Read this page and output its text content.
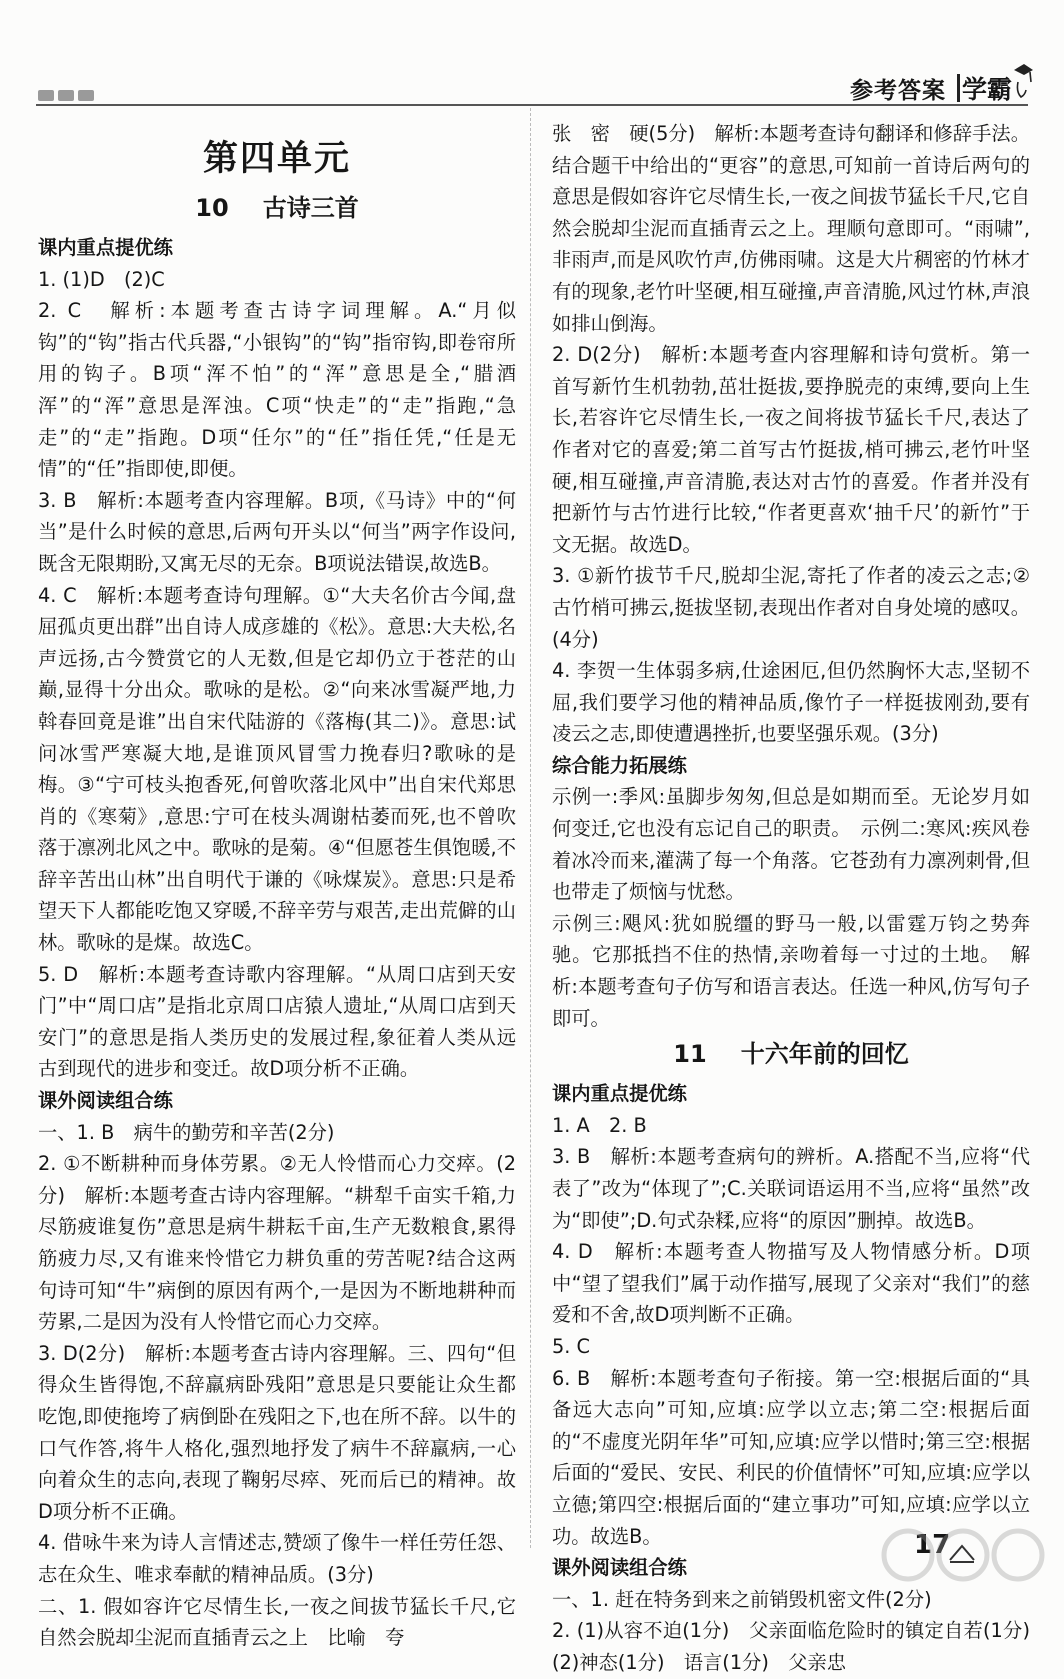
参考答案 学霸
第四单元
10 古诗三首
课内重点提优练

1. (1)D　(2)C

2. C　解析:本题考查古诗字词理解。A.“月似钩”的“钩”指古代兵器,“小银钩”的“钩”指帘钩,即卷帘所用的钩子。B项“浑不怕”的“浑”意思是全,“腊酒浑”的“浑”意思是浑浊。C项“快走”的“走”指跑,“急走”的“走”指跑。D项“任尔”的“任”指任凭,“任是无情”的“任”指即使,即便。

3. B　解析:本题考查内容理解。B项,《马诗》中的“何当”是什么时候的意思,后两句开头以“何当”两字作设问,既含无限期盼,又寓无尽的无奈。B项说法错误,故选B。

4. C　解析:本题考查诗句理解。①“大夫名价古今闻,盘屈孤贞更出群”出自诗人成彦雄的《松》。意思:大夫松,名声远扬,古今赞赏它的人无数,但是它却仍立于苍茫的山巅,显得十分出众。歌咏的是松。②“向来冰雪凝严地,力斡春回竟是谁”出自宋代陆游的《落梅(其二)》。意思:试问冰雪严寒凝大地,是谁顶风冒雪力挽春归?歌咏的是梅。③“宁可枝头抱香死,何曾吹落北风中”出自宋代郑思肖的《寒菊》,意思:宁可在枝头凋谢枯萎而死,也不曾吹落于凛冽北风之中。歌咏的是菊。④“但愿苍生俱饱暖,不辞辛苦出山林”出自明代于谦的《咏煤炭》。意思:只是希望天下人都能吃饱又穿暖,不辞辛劳与艰苦,走出荒僻的山林。歌咏的是煤。故选C。

5. D　解析:本题考查诗歌内容理解。“从周口店到天安门”中“周口店”是指北京周口店猿人遗址,“从周口店到天安门”的意思是指人类历史的发展过程,象征着人类从远古到现代的进步和变迁。故D项分析不正确。

课外阅读组合练

一、1. B　病牛的勤劳和辛苦(2分)

2. ①不断耕种而身体劳累。②无人怜惜而心力交瘁。(2分)　解析:本题考查古诗内容理解。“耕犁千亩实千箱,力尽筋疲谁复伤”意思是病牛耕耘千亩,生产无数粮食,累得筋疲力尽,又有谁来怜惜它力耕负重的劳苦呢?结合这两句诗可知“牛”病倒的原因有两个,一是因为不断地耕种而劳累,二是因为没有人怜惜它而心力交瘁。

3. D(2分)　解析:本题考查古诗内容理解。三、四句“但得众生皆得饱,不辞羸病卧残阳”意思是只要能让众生都吃饱,即使拖垮了病倒卧在残阳之下,也在所不辞。以牛的口气作答,将牛人格化,强烈地抒发了病牛不辞羸病,一心向着众生的志向,表现了鞠躬尽瘁、死而后已的精神。故D项分析不正确。

4. 借咏牛来为诗人言情述志,赞颂了像牛一样任劳任怨、志在众生、唯求奉献的精神品质。(3分)

二、1. 假如容许它尽情生长,一夜之间拔节猛长千尺,它自然会脱却尘泥而直插青云之上　比喻　夸

张　密　硬(5分)　解析:本题考查诗句翻译和修辞手法。结合题干中给出的“更容”的意思,可知前一首诗后两句的意思是假如容许它尽情生长,一夜之间拔节猛长千尺,它自然会脱却尘泥而直插青云之上。理顺句意即可。“雨啸”,非雨声,而是风吹竹声,仿佛雨啸。这是大片稠密的竹林才有的现象,老竹叶坚硬,相互碰撞,声音清脆,风过竹林,声浪如排山倒海。

2. D(2分)　解析:本题考查内容理解和诗句赏析。第一首写新竹生机勃勃,茁壮挺拔,要挣脱売的束缚,要向上生长,若容许它尽情生长,一夜之间将拔节猛长千尺,表达了作者对它的喜爱;第二首写古竹挺拔,梢可拂云,老竹叶坚硬,相互碰撞,声音清脆,表达对古竹的喜爱。作者并没有把新竹与古竹进行比较,“作者更喜欢‘抽千尺’的新竹”于文无据。故选D。

3. ①新竹拔节千尺,脱却尘泥,寄托了作者的凌云之志;②古竹梢可拂云,挺拔坚韧,表现出作者对自身处境的感叹。(4分)

4. 李贺一生体弱多病,仕途困厄,但仍然胸怀大志,坚韧不屈,我们要学习他的精神品质,像竹子一样挺拔刚劲,要有凌云之志,即使遭遇挫折,也要坚强乐观。(3分)

综合能力拓展练

示例一:季风:虽脚步匆匆,但总是如期而至。无论岁月如何变迁,它也没有忘记自己的职责。　示例二:寒风:疾风卷着冰冷而来,灌满了每一个角落。它苍劲有力凛冽刺骨,但也带走了烦恼与忧愁。

示例三:飓风:犹如脱缰的野马一般,以雷霆万钧之势奔驰。它那抵挡不住的热情,亲吻着每一寸过的土地。　解析:本题考查句子仿写和语言表达。任选一种风,仿写句子即可。

11 十六年前的回忆
课内重点提优练

1. A　2. B

3. B　解析:本题考查病句的辨析。A.搭配不当,应将“代表了”改为“体现了”;C.关联词语运用不当,应将“虽然”改为“即使”;D.句式杂糅,应将“的原因”删掉。故选B。

4. D　解析:本题考查人物描写及人物情感分析。D项中“望了望我们”属于动作描写,展现了父亲对“我们”的慈爱和不舍,故D项判断不正确。

5. C

6. B　解析:本题考查句子衔接。第一空:根据后面的“具备远大志向”可知,应填:应学以立志;第二空:根据后面的“不虚度光阴年华”可知,应填:应学以惜时;第三空:根据后面的“爱民、安民、利民的价值情怀”可知,应填:应学以立德;第四空:根据后面的“建立事功”可知,应填:应学以立功。故选B。

课外阅读组合练

一、1. 赶在特务到来之前销毁机密文件(2分)

2. (1)从容不迫(1分)　父亲面临危险时的镇定自若(1分)　(2)神态(1分)　语言(1分)　父亲忠

17
